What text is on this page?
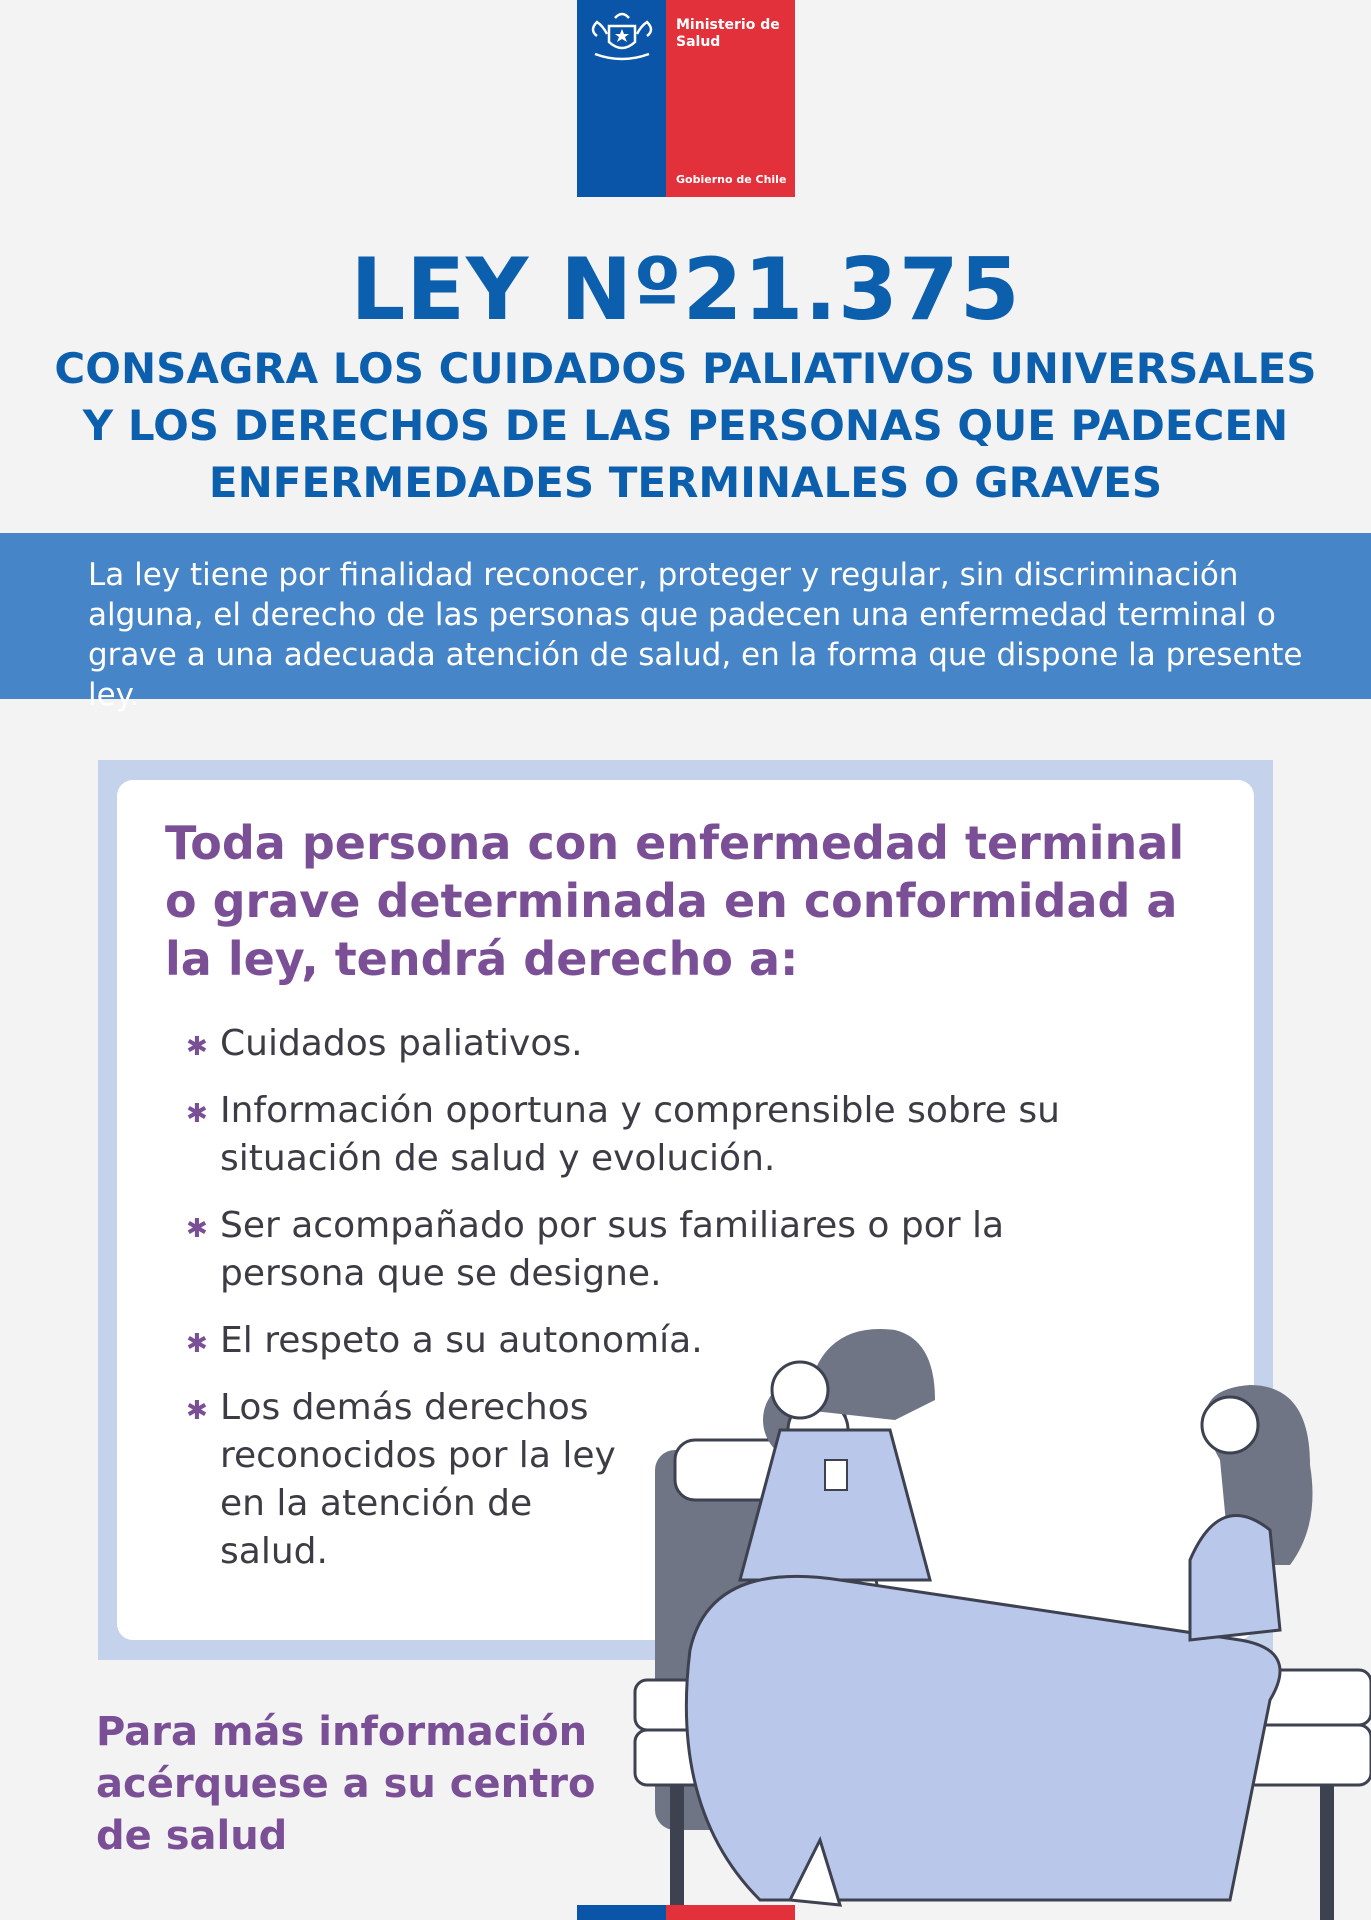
Ministerio de
Salud
Gobierno de Chile
LEY Nº21.375
CONSAGRA LOS CUIDADOS PALIATIVOS UNIVERSALES
Y LOS DERECHOS DE LAS PERSONAS QUE PADECEN
ENFERMEDADES TERMINALES O GRAVES

La ley tiene por finalidad reconocer, proteger y regular, sin discriminación alguna, el derecho de las personas que padecen una enfermedad terminal o grave a una adecuada atención de salud, en la forma que dispone la presente ley.

Toda persona con enfermedad terminal o grave determinada en conformidad a la ley, tendrá derecho a:
✱ Cuidados paliativos.
✱ Información oportuna y comprensible sobre su situación de salud y evolución.
✱ Ser acompañado por sus familiares o por la persona que se designe.
✱ El respeto a su autonomía.
✱ Los demás derechos reconocidos por la ley en la atención de salud.
Para más información acérquese a su centro de salud
